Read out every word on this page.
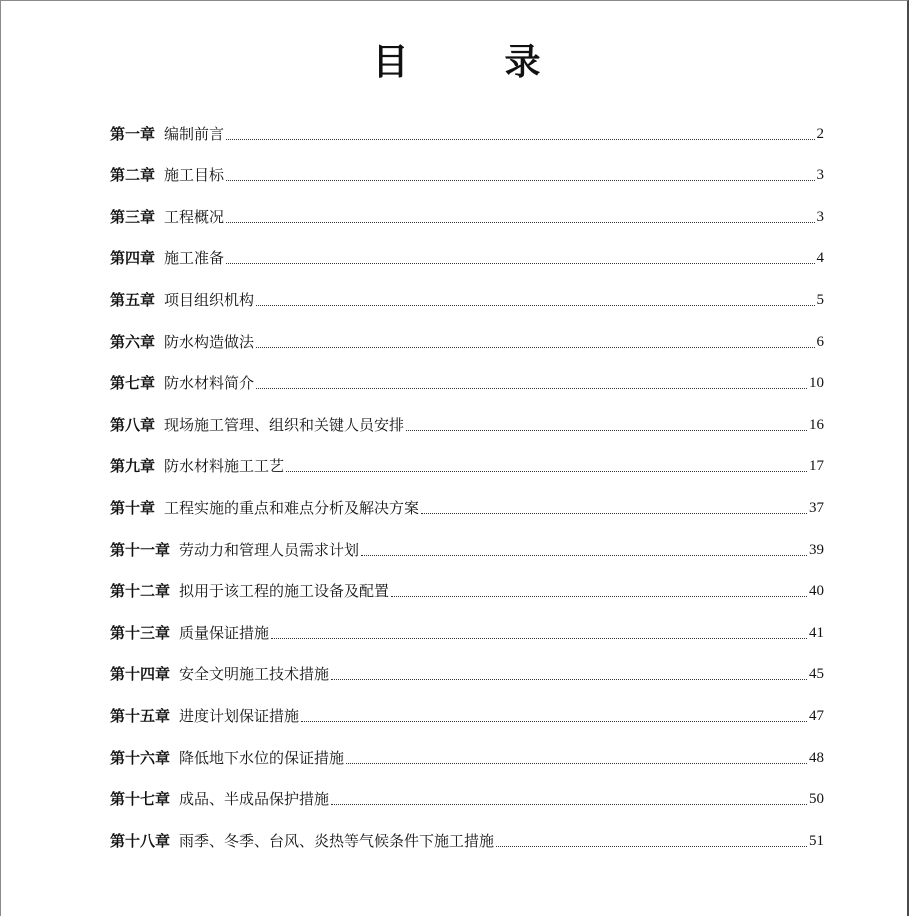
目	录
第一章 编制前言	2
第二章 施工目标	3
第三章 工程概况	3
第四章 施工准备	4
第五章 项目组织机构	5
第六章 防水构造做法	6
第七章 防水材料简介	10
第八章 现场施工管理、组织和关键人员安排	16
第九章 防水材料施工工艺	17
第十章 工程实施的重点和难点分析及解决方案	37
第十一章 劳动力和管理人员需求计划	39
第十二章 拟用于该工程的施工设备及配置	40
第十三章 质量保证措施	41
第十四章 安全文明施工技术措施	45
第十五章 进度计划保证措施	47
第十六章 降低地下水位的保证措施	48
第十七章 成品、半成品保护措施	50
第十八章 雨季、冬季、台风、炎热等气候条件下施工措施	51
